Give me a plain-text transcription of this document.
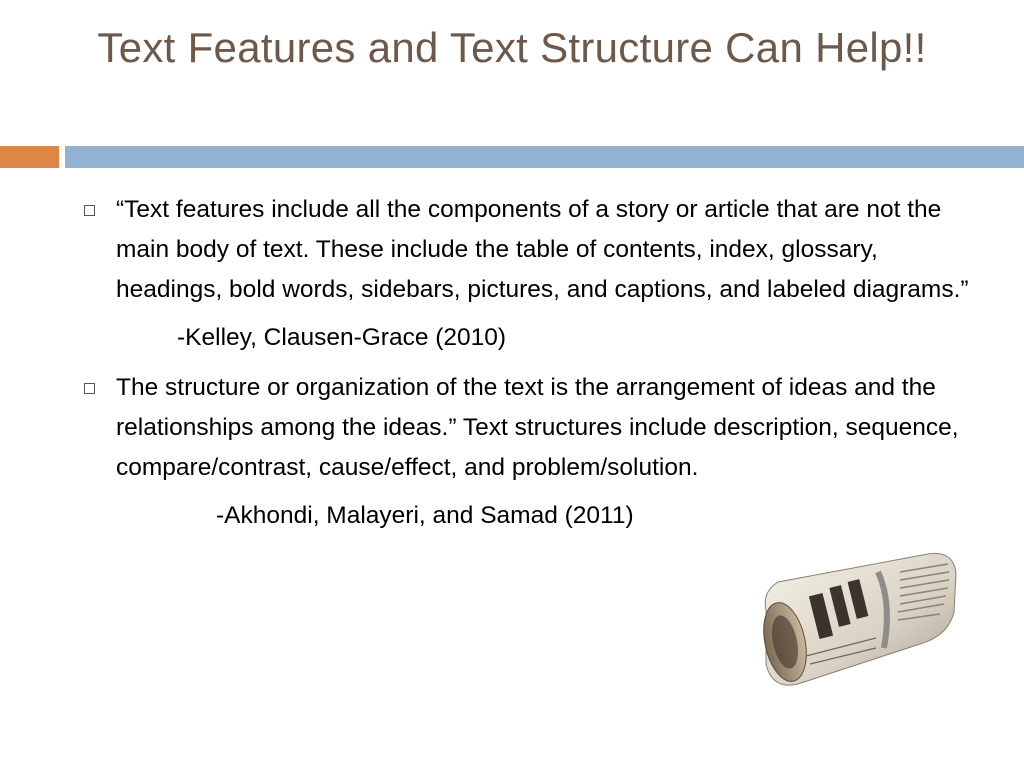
Text Features and Text Structure Can Help!!
“Text features include all the components of a story or article that are not the main body of text. These include the table of contents, index, glossary, headings, bold words, sidebars, pictures, and captions, and labeled diagrams.”
-Kelley, Clausen-Grace (2010)
The structure or organization of the text is the arrangement of ideas and the relationships among the ideas.” Text structures include description, sequence, compare/contrast, cause/effect, and problem/solution.
-Akhondi, Malayeri, and Samad (2011)
